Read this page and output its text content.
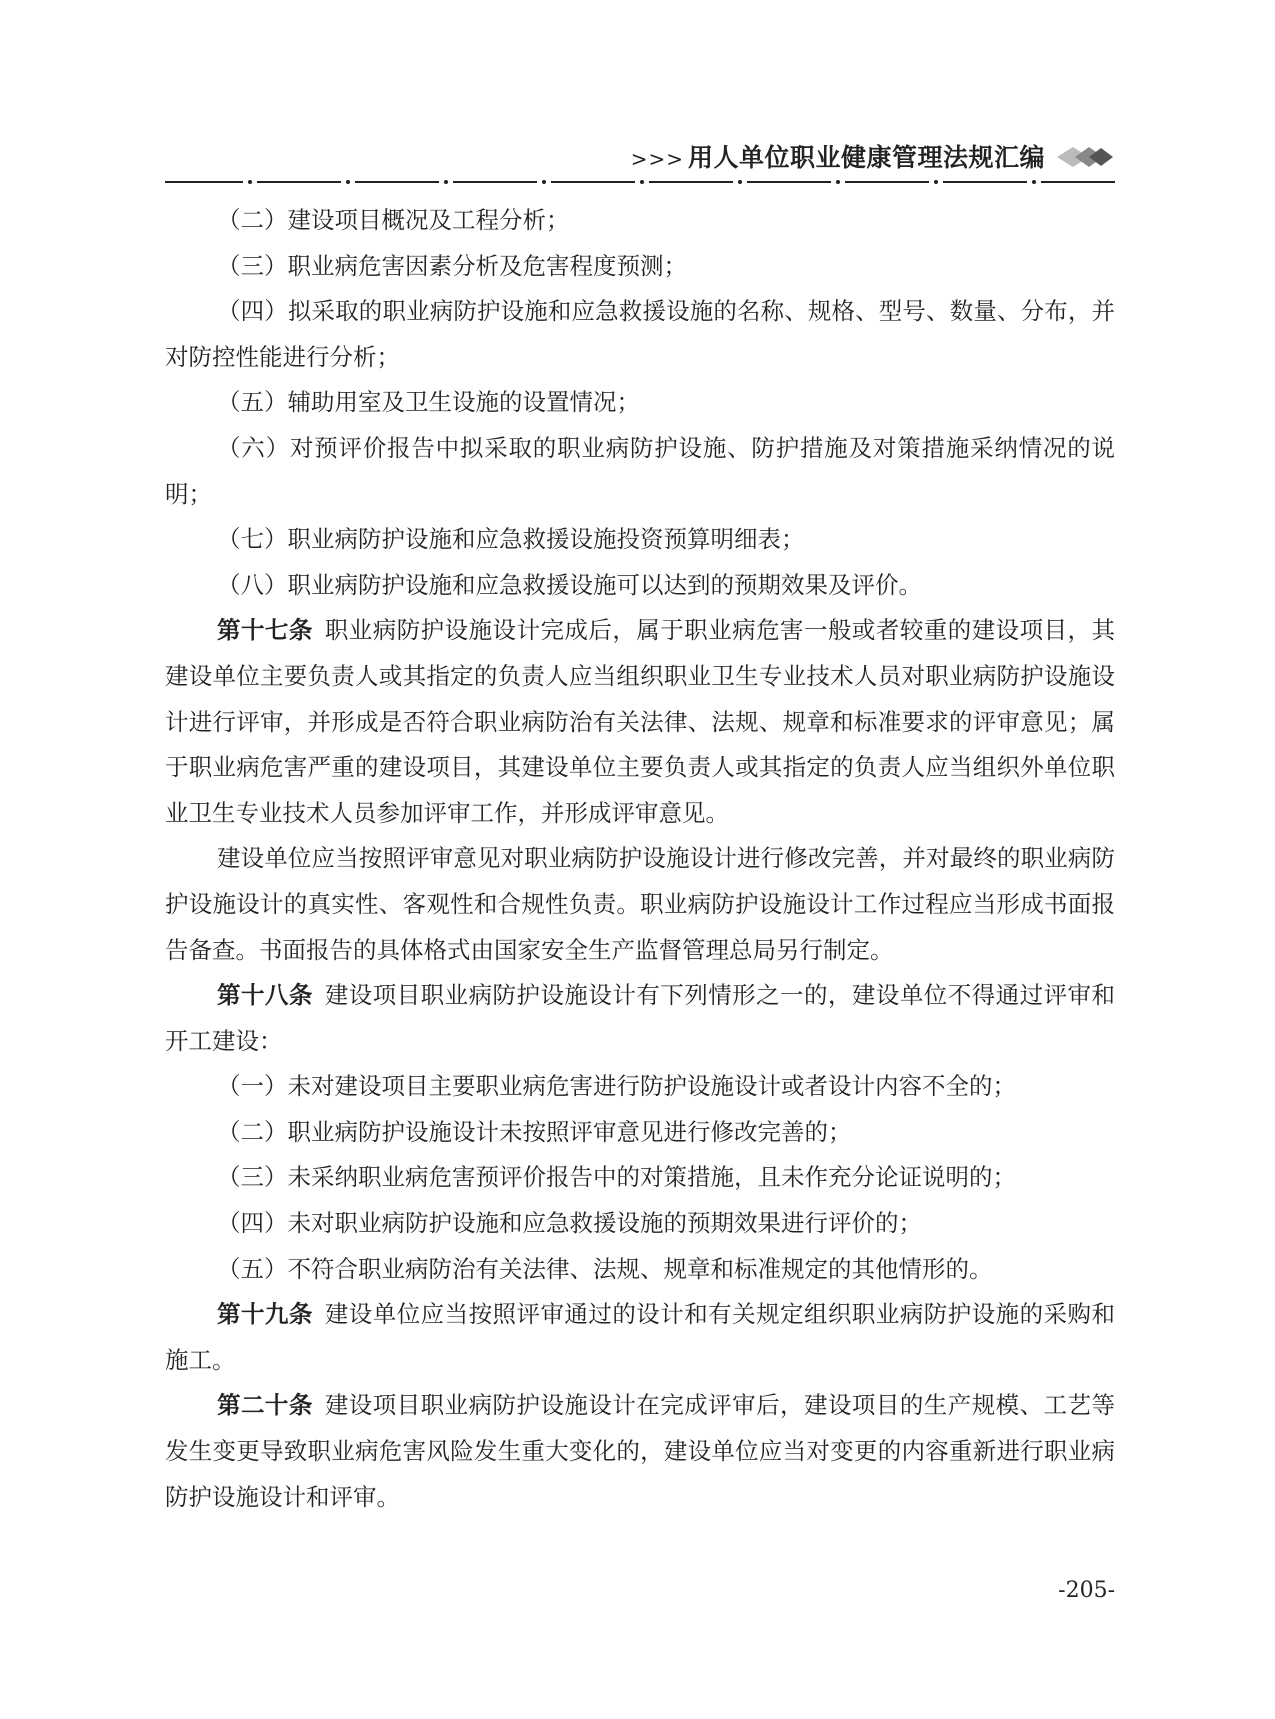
>>> 用人单位职业健康管理法规汇编

（二）建设项目概况及工程分析；

（三）职业病危害因素分析及危害程度预测；

（四）拟采取的职业病防护设施和应急救援设施的名称、规格、型号、数量、分布，并对防控性能进行分析；

（五）辅助用室及卫生设施的设置情况；

（六）对预评价报告中拟采取的职业病防护设施、防护措施及对策措施采纳情况的说明；

（七）职业病防护设施和应急救援设施投资预算明细表；

（八）职业病防护设施和应急救援设施可以达到的预期效果及评价。

第十七条 职业病防护设施设计完成后，属于职业病危害一般或者较重的建设项目，其建设单位主要负责人或其指定的负责人应当组织职业卫生专业技术人员对职业病防护设施设计进行评审，并形成是否符合职业病防治有关法律、法规、规章和标准要求的评审意见；属于职业病危害严重的建设项目，其建设单位主要负责人或其指定的负责人应当组织外单位职业卫生专业技术人员参加评审工作，并形成评审意见。

建设单位应当按照评审意见对职业病防护设施设计进行修改完善，并对最终的职业病防护设施设计的真实性、客观性和合规性负责。职业病防护设施设计工作过程应当形成书面报告备查。书面报告的具体格式由国家安全生产监督管理总局另行制定。

第十八条 建设项目职业病防护设施设计有下列情形之一的，建设单位不得通过评审和开工建设：

（一）未对建设项目主要职业病危害进行防护设施设计或者设计内容不全的；

（二）职业病防护设施设计未按照评审意见进行修改完善的；

（三）未采纳职业病危害预评价报告中的对策措施，且未作充分论证说明的；

（四）未对职业病防护设施和应急救援设施的预期效果进行评价的；

（五）不符合职业病防治有关法律、法规、规章和标准规定的其他情形的。

第十九条 建设单位应当按照评审通过的设计和有关规定组织职业病防护设施的采购和施工。

第二十条 建设项目职业病防护设施设计在完成评审后，建设项目的生产规模、工艺等发生变更导致职业病危害风险发生重大变化的，建设单位应当对变更的内容重新进行职业病防护设施设计和评审。

-205-
